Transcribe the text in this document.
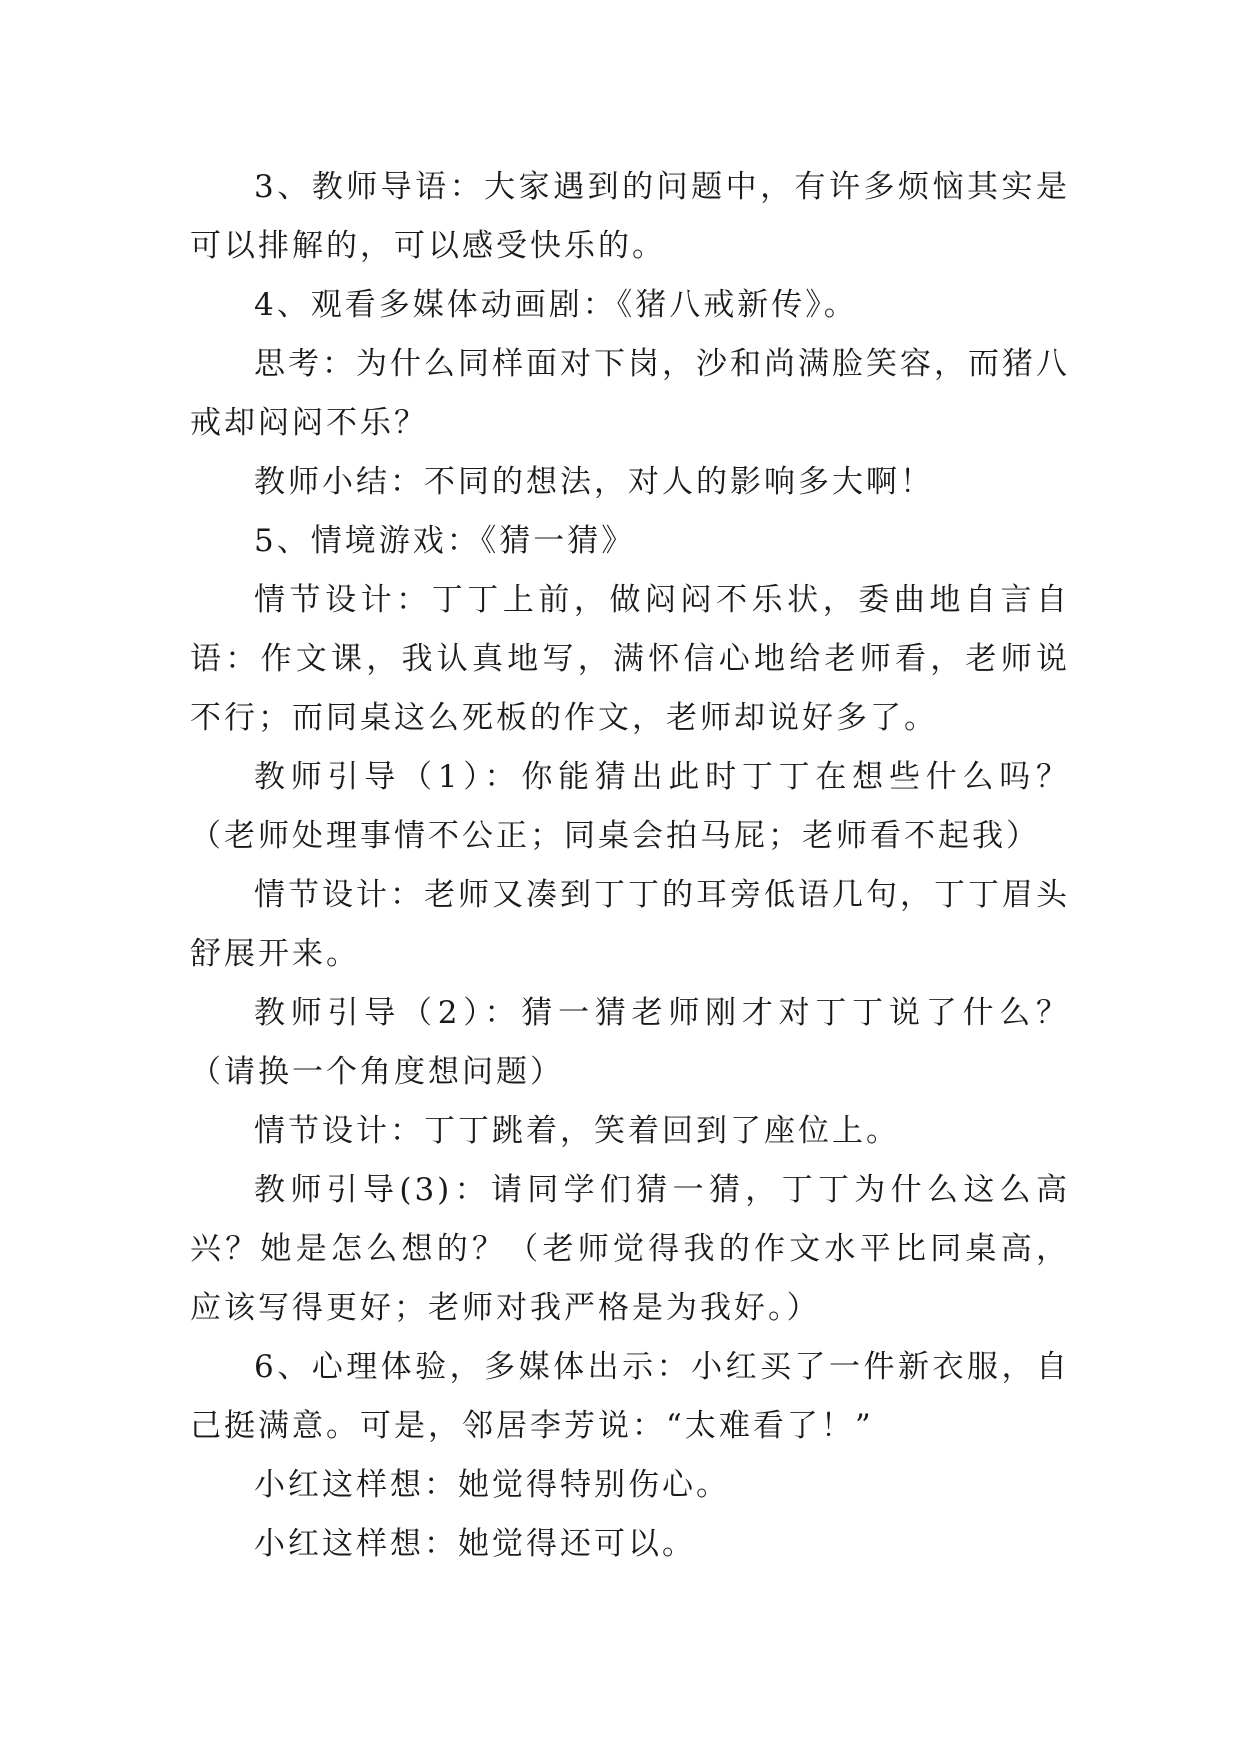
3、教师导语：大家遇到的问题中，有许多烦恼其实是可以排解的，可以感受快乐的。

4、观看多媒体动画剧：《猪八戒新传》。

思考：为什么同样面对下岗，沙和尚满脸笑容，而猪八戒却闷闷不乐？

教师小结：不同的想法，对人的影响多大啊！

5、情境游戏：《猜一猜》

情节设计：丁丁上前，做闷闷不乐状，委曲地自言自语：作文课，我认真地写，满怀信心地给老师看，老师说不行；而同桌这么死板的作文，老师却说好多了。

教师引导（1）：你能猜出此时丁丁在想些什么吗？（老师处理事情不公正；同桌会拍马屁；老师看不起我）

情节设计：老师又凑到丁丁的耳旁低语几句，丁丁眉头舒展开来。

教师引导（2）：猜一猜老师刚才对丁丁说了什么？（请换一个角度想问题）

情节设计：丁丁跳着，笑着回到了座位上。

教师引导(3)：请同学们猜一猜，丁丁为什么这么高兴？她是怎么想的？（老师觉得我的作文水平比同桌高，应该写得更好；老师对我严格是为我好。）

6、心理体验，多媒体出示：小红买了一件新衣服，自己挺满意。可是，邻居李芳说：“太难看了！”

小红这样想：她觉得特别伤心。

小红这样想：她觉得还可以。
